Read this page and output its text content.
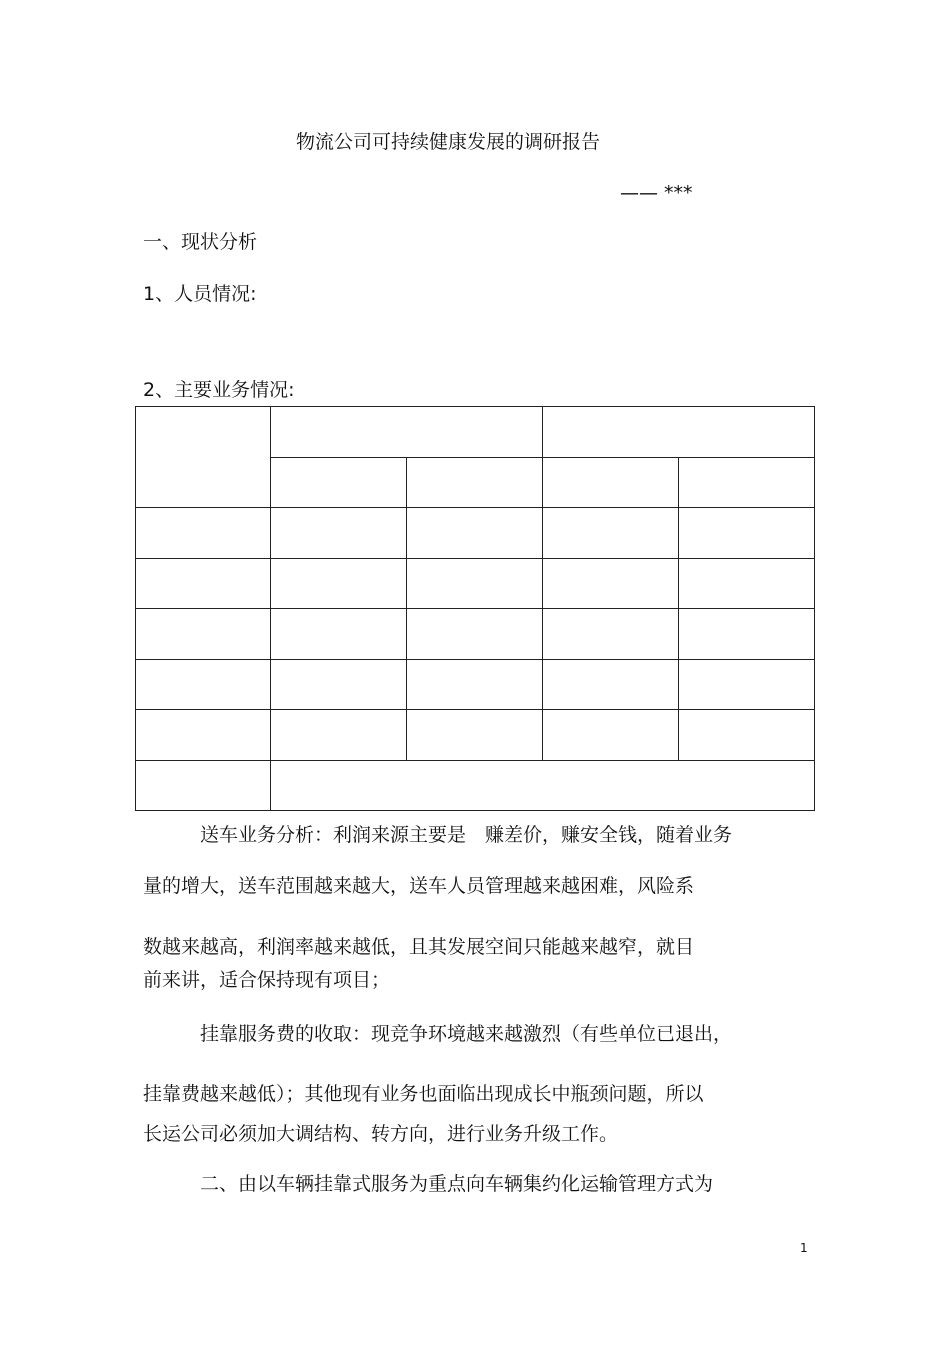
物流公司可持续健康发展的调研报告
—— ***
一、现状分析
1、人员情况:
2、主要业务情况:

送车业务分析：利润来源主要是　赚差价，赚安全钱，随着业务
量的增大，送车范围越来越大，送车人员管理越来越困难，风险系
数越来越高，利润率越来越低，且其发展空间只能越来越窄，就目
前来讲，适合保持现有项目；
挂靠服务费的收取：现竞争环境越来越激烈（有些单位已退出，
挂靠费越来越低）；其他现有业务也面临出现成长中瓶颈问题，所以
长运公司必须加大调结构、转方向，进行业务升级工作。
二、由以车辆挂靠式服务为重点向车辆集约化运输管理方式为
1
